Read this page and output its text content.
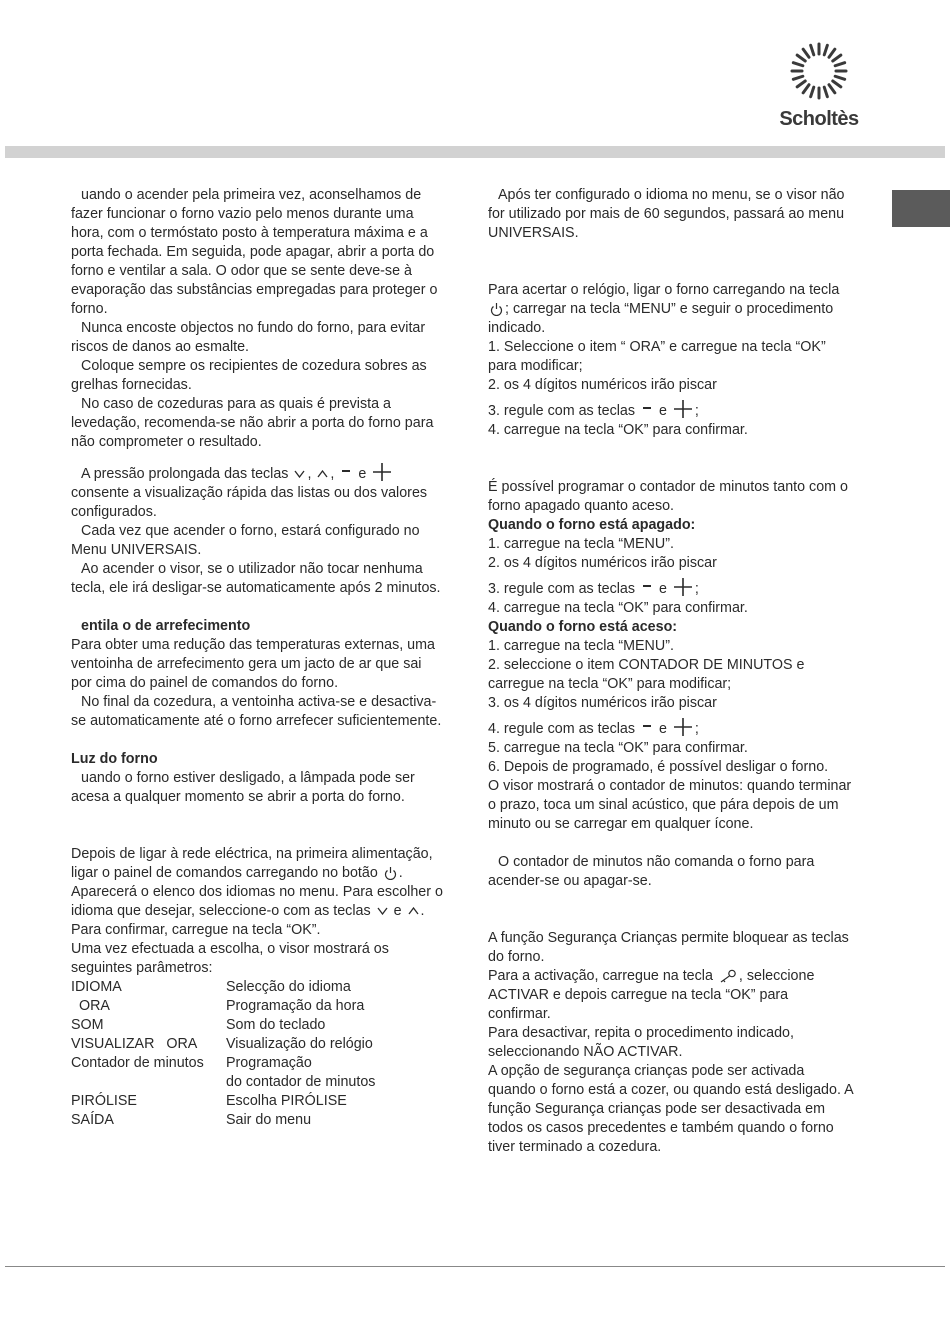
Scholtès

uando o acender pela primeira vez, aconselhamos de fazer funcionar o forno vazio pelo menos durante uma hora, com o termóstato posto à temperatura máxima e a porta fechada. Em seguida, pode apagar, abrir a porta do forno e ventilar a sala. O odor que se sente deve-se à evaporação das substâncias empregadas para proteger o forno.

Nunca encoste objectos no fundo do forno, para evitar riscos de danos ao esmalte.

Coloque sempre os recipientes de cozedura sobres as grelhas fornecidas.

No caso de cozeduras para as quais é prevista a levedação, recomenda-se não abrir a porta do forno para não comprometer o resultado.

A pressão prolongada das teclas , , e

consente a visualização rápida das listas ou dos valores configurados.

Cada vez que acender o forno, estará configurado no Menu UNIVERSAIS.

Ao acender o visor, se o utilizador não tocar nenhuma tecla, ele irá desligar-se automaticamente após 2 minutos.

entila o de arrefecimento

Para obter uma redução das temperaturas externas, uma ventoinha de arrefecimento gera um jacto de ar que sai por cima do painel de comandos do forno.

No final da cozedura, a ventoinha activa-se e desactiva-se automaticamente até o forno arrefecer suficientemente.

Luz do forno

uando o forno estiver desligado, a lâmpada pode ser acesa a qualquer momento se abrir a porta do forno.

Depois de ligar à rede eléctrica, na primeira alimentação, ligar o painel de comandos carregando no botão . Aparecerá o elenco dos idiomas no menu. Para escolher o idioma que desejar, seleccione-o com as teclas e . Para confirmar, carregue na tecla “OK”.

Uma vez efectuada a escolha, o visor mostrará os seguintes parâmetros:

IDIOMA	Selecção do idioma
ORA	Programação da hora
SOM	Som do teclado
VISUALIZAR   ORA	Visualização do relógio
Contador de minutos	Programação
	do contador de minutos
PIRÓLISE	Escolha PIRÓLISE
SAÍDA	Sair do menu

Após ter configurado o idioma no menu, se o visor não for utilizado por mais de 60 segundos, passará ao menu UNIVERSAIS.

Para acertar o relógio, ligar o forno carregando na tecla ; carregar na tecla “MENU” e seguir o procedimento indicado.

1. Seleccione o item “ ORA” e carregue na tecla “OK” para modificar;

2. os 4 dígitos numéricos irão piscar

3. regule com as teclas e ;

4. carregue na tecla “OK” para confirmar.

É possível programar o contador de minutos tanto com o forno apagado quanto aceso.

Quando o forno está apagado:

1. carregue na tecla “MENU”.

2. os 4 dígitos numéricos irão piscar

3. regule com as teclas e ;

4. carregue na tecla “OK” para confirmar.

Quando o forno está aceso:

1. carregue na tecla “MENU”.

2. seleccione o item CONTADOR DE MINUTOS e carregue na tecla “OK” para modificar;

3. os 4 dígitos numéricos irão piscar

4. regule com as teclas e ;

5. carregue na tecla “OK” para confirmar.

6. Depois de programado, é possível desligar o forno.

O visor mostrará o contador de minutos: quando terminar o prazo, toca um sinal acústico, que pára depois de um minuto ou se carregar em qualquer ícone.

O contador de minutos não comanda o forno para acender-se ou apagar-se.

A função Segurança Crianças permite bloquear as teclas do forno.

Para a activação, carregue na tecla , seleccione ACTIVAR e depois carregue na tecla “OK” para confirmar.

Para desactivar, repita o procedimento indicado, seleccionando NÃO ACTIVAR.

A opção de segurança crianças pode ser activada quando o forno está a cozer, ou quando está desligado. A função Segurança crianças pode ser desactivada em todos os casos precedentes e também quando o forno tiver terminado a cozedura.
